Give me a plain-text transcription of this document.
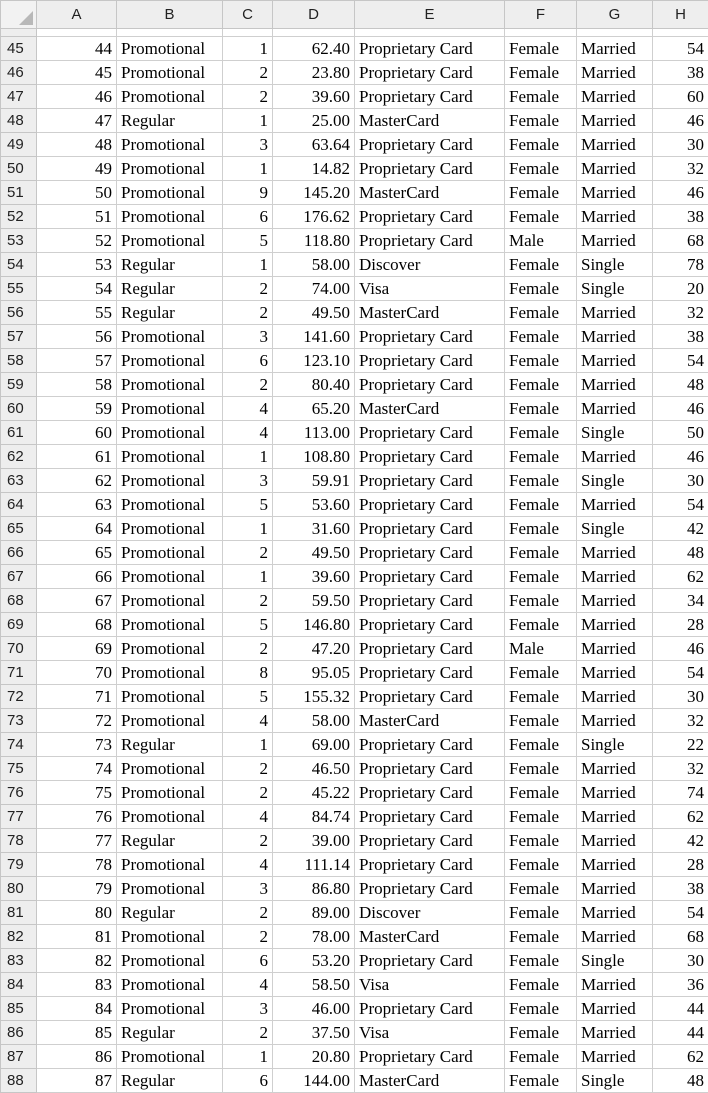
	A	B	C	D	E	F	G	H

45	44	Promotional	1	62.40	Proprietary Card	Female	Married	54
46	45	Promotional	2	23.80	Proprietary Card	Female	Married	38
47	46	Promotional	2	39.60	Proprietary Card	Female	Married	60
48	47	Regular	1	25.00	MasterCard	Female	Married	46
49	48	Promotional	3	63.64	Proprietary Card	Female	Married	30
50	49	Promotional	1	14.82	Proprietary Card	Female	Married	32
51	50	Promotional	9	145.20	MasterCard	Female	Married	46
52	51	Promotional	6	176.62	Proprietary Card	Female	Married	38
53	52	Promotional	5	118.80	Proprietary Card	Male	Married	68
54	53	Regular	1	58.00	Discover	Female	Single	78
55	54	Regular	2	74.00	Visa	Female	Single	20
56	55	Regular	2	49.50	MasterCard	Female	Married	32
57	56	Promotional	3	141.60	Proprietary Card	Female	Married	38
58	57	Promotional	6	123.10	Proprietary Card	Female	Married	54
59	58	Promotional	2	80.40	Proprietary Card	Female	Married	48
60	59	Promotional	4	65.20	MasterCard	Female	Married	46
61	60	Promotional	4	113.00	Proprietary Card	Female	Single	50
62	61	Promotional	1	108.80	Proprietary Card	Female	Married	46
63	62	Promotional	3	59.91	Proprietary Card	Female	Single	30
64	63	Promotional	5	53.60	Proprietary Card	Female	Married	54
65	64	Promotional	1	31.60	Proprietary Card	Female	Single	42
66	65	Promotional	2	49.50	Proprietary Card	Female	Married	48
67	66	Promotional	1	39.60	Proprietary Card	Female	Married	62
68	67	Promotional	2	59.50	Proprietary Card	Female	Married	34
69	68	Promotional	5	146.80	Proprietary Card	Female	Married	28
70	69	Promotional	2	47.20	Proprietary Card	Male	Married	46
71	70	Promotional	8	95.05	Proprietary Card	Female	Married	54
72	71	Promotional	5	155.32	Proprietary Card	Female	Married	30
73	72	Promotional	4	58.00	MasterCard	Female	Married	32
74	73	Regular	1	69.00	Proprietary Card	Female	Single	22
75	74	Promotional	2	46.50	Proprietary Card	Female	Married	32
76	75	Promotional	2	45.22	Proprietary Card	Female	Married	74
77	76	Promotional	4	84.74	Proprietary Card	Female	Married	62
78	77	Regular	2	39.00	Proprietary Card	Female	Married	42
79	78	Promotional	4	111.14	Proprietary Card	Female	Married	28
80	79	Promotional	3	86.80	Proprietary Card	Female	Married	38
81	80	Regular	2	89.00	Discover	Female	Married	54
82	81	Promotional	2	78.00	MasterCard	Female	Married	68
83	82	Promotional	6	53.20	Proprietary Card	Female	Single	30
84	83	Promotional	4	58.50	Visa	Female	Married	36
85	84	Promotional	3	46.00	Proprietary Card	Female	Married	44
86	85	Regular	2	37.50	Visa	Female	Married	44
87	86	Promotional	1	20.80	Proprietary Card	Female	Married	62
88	87	Regular	6	144.00	MasterCard	Female	Single	48
